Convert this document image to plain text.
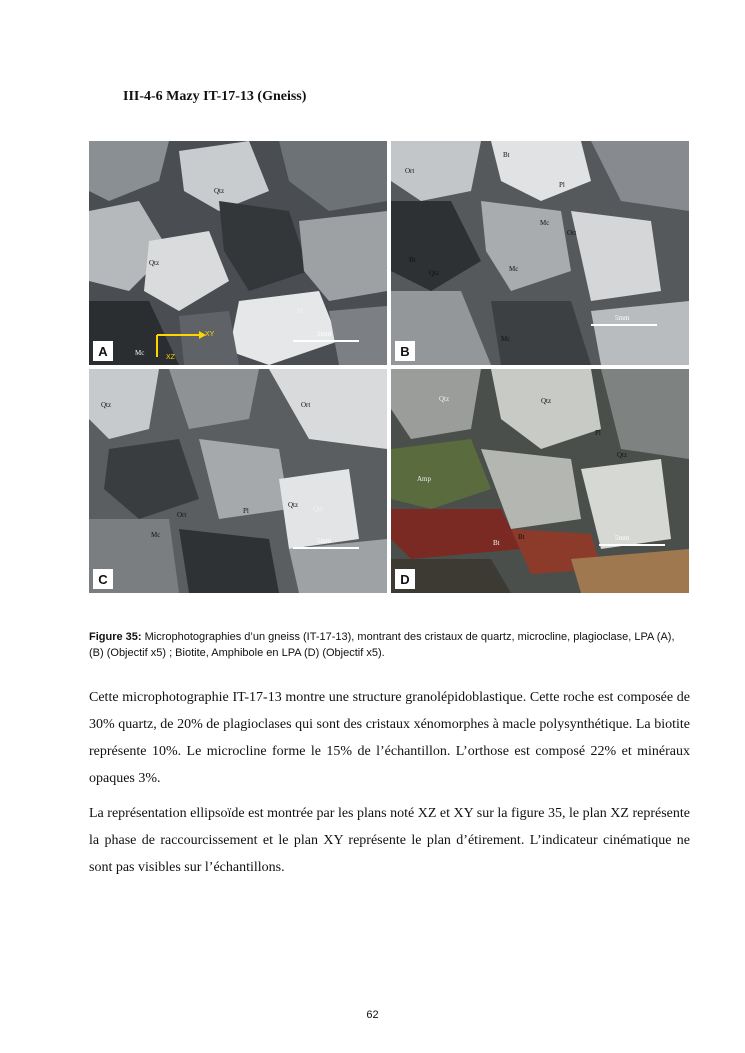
III-4-6 Mazy IT-17-13 (Gneiss)
Qtz
Qtz
Pl
Mc
5mm
XY
XZ
A
Bt
Ort
Pl
Mc
Ort
Bt
Qtz	Mc
Mc
5mm
B
Qtz	Ort
Ort	Pl
Qtz Qtz
Mc
5mm
C
Qtz	Qtz
Pl
Qtz
Amp
Bt
Bt
5mm
D
Figure 35: Microphotographies d’un gneiss (IT-17-13), montrant des cristaux de quartz, microcline, plagioclase, LPA (A), (B) (Objectif x5) ; Biotite, Amphibole en LPA (D) (Objectif x5).

Cette microphotographie IT-17-13 montre une structure granolépidoblastique. Cette roche est composée de 30% quartz, de 20% de plagioclases qui sont des cristaux xénomorphes à macle polysynthétique. La biotite représente 10%. Le microcline forme le 15% de l’échantillon. L’orthose est composé 22% et minéraux opaques 3%.

La représentation ellipsoïde est montrée par les plans noté XZ et XY sur la figure 35, le plan XZ représente la phase de raccourcissement et le plan XY représente le plan d’étirement. L’indicateur cinématique ne sont pas visibles sur l’échantillons.

62
